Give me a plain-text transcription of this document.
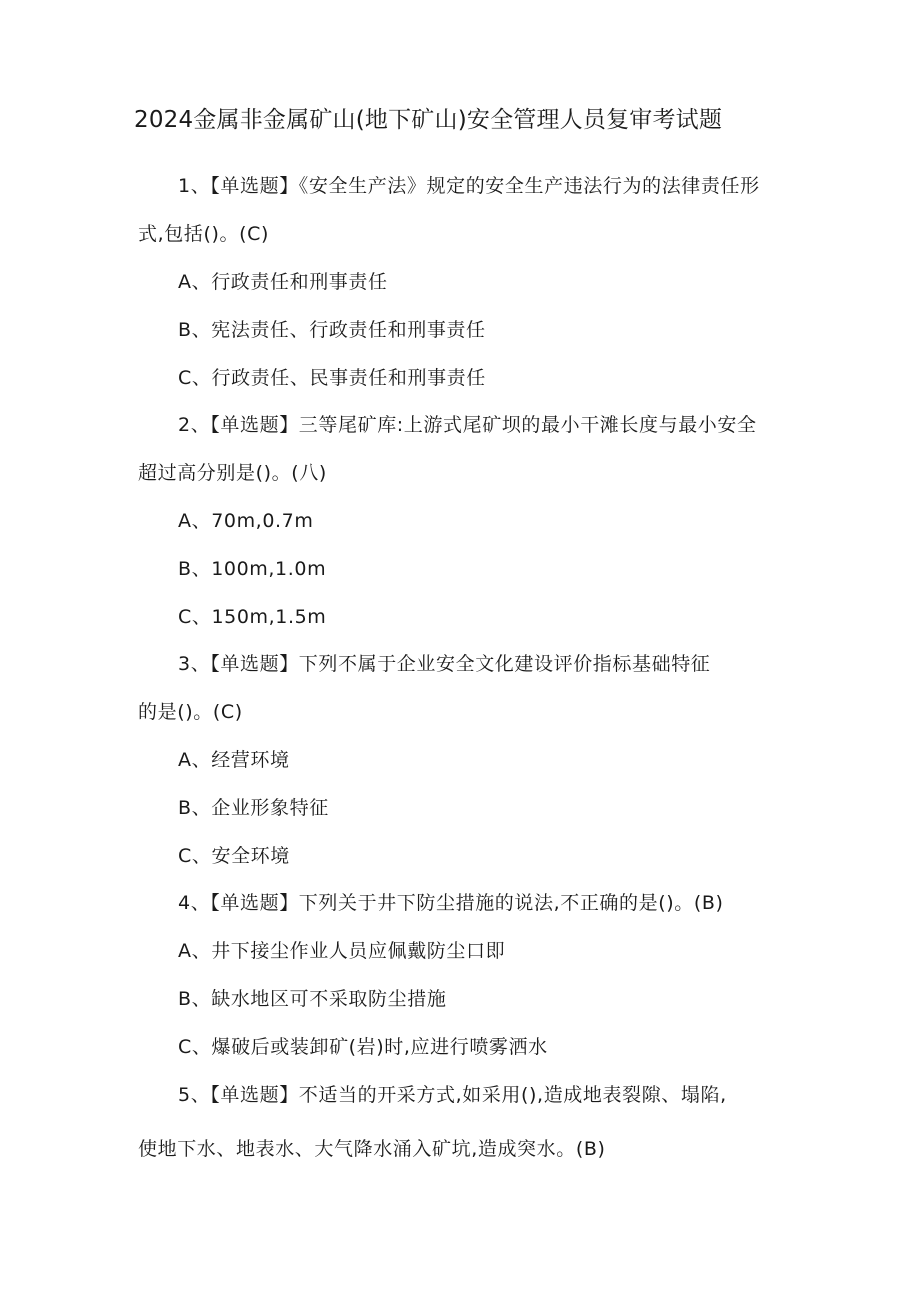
2024金属非金属矿山(地下矿山)安全管理人员复审考试题
1、【单选题】《安全生产法》规定的安全生产违法行为的法律责任形
式,包括()。(C)
A、行政责任和刑事责任
B、宪法责任、行政责任和刑事责任
C、行政责任、民事责任和刑事责任
2、【单选题】三等尾矿库:上游式尾矿坝的最小干滩长度与最小安全
超过高分别是()。(八)
A、70m,0.7m
B、100m,1.0m
C、150m,1.5m
3、【单选题】下列不属于企业安全文化建设评价指标基础特征
的是()。(C)
A、经营环境
B、企业形象特征
C、安全环境
4、【单选题】下列关于井下防尘措施的说法,不正确的是()。(B)
A、井下接尘作业人员应佩戴防尘口即
B、缺水地区可不采取防尘措施
C、爆破后或装卸矿(岩)时,应进行喷雾洒水
5、【单选题】不适当的开采方式,如采用(),造成地表裂隙、塌陷,
使地下水、地表水、大气降水涌入矿坑,造成突水。(B)
